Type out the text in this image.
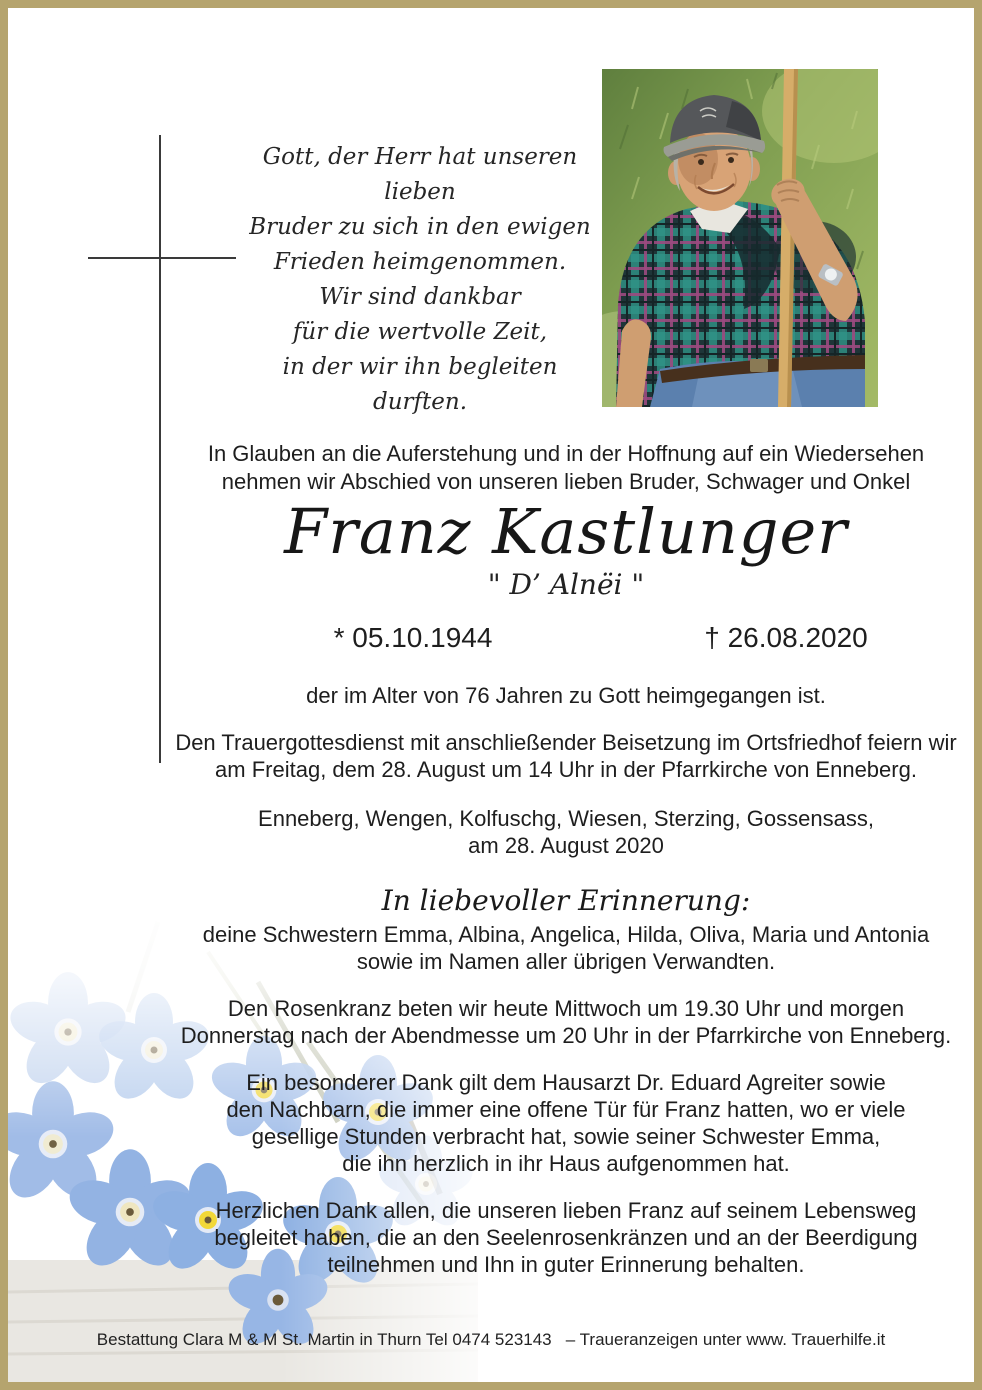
Gott, der Herr hat unseren lieben
Bruder zu sich in den ewigen
Frieden heimgenommen.
Wir sind dankbar
für die wertvolle Zeit,
in der wir ihn begleiten durften.

In Glauben an die Auferstehung und in der Hoffnung auf ein Wiedersehen
nehmen wir Abschied von unseren lieben Bruder, Schwager und Onkel

Franz Kastlunger

" D’ Alnëi "

* 05.10.1944	† 26.08.2020

der im Alter von 76 Jahren zu Gott heimgegangen ist.

Den Trauergottesdienst mit anschließender Beisetzung im Ortsfriedhof feiern wir
am Freitag, dem 28. August um 14 Uhr in der Pfarrkirche von Enneberg.

Enneberg, Wengen, Kolfuschg, Wiesen, Sterzing, Gossensass,
am 28. August 2020

In liebevoller Erinnerung:

deine Schwestern Emma, Albina, Angelica, Hilda, Oliva, Maria und Antonia
sowie im Namen aller übrigen Verwandten.

Den Rosenkranz beten wir heute Mittwoch um 19.30 Uhr und morgen
Donnerstag nach der Abendmesse um 20 Uhr in der Pfarrkirche von Enneberg.

Ein besonderer Dank gilt dem Hausarzt Dr. Eduard Agreiter sowie
den Nachbarn, die immer eine offene Tür für Franz hatten, wo er viele
gesellige Stunden verbracht hat, sowie seiner Schwester Emma,
die ihn herzlich in ihr Haus aufgenommen hat.

Herzlichen Dank allen, die unseren lieben Franz auf seinem Lebensweg
begleitet haben, die an den Seelenrosenkränzen und an der Beerdigung
teilnehmen und Ihn in guter Erinnerung behalten.

Bestattung Clara M & M St. Martin in Thurn Tel 0474 523143   – Traueranzeigen unter www. Trauerhilfe.it
